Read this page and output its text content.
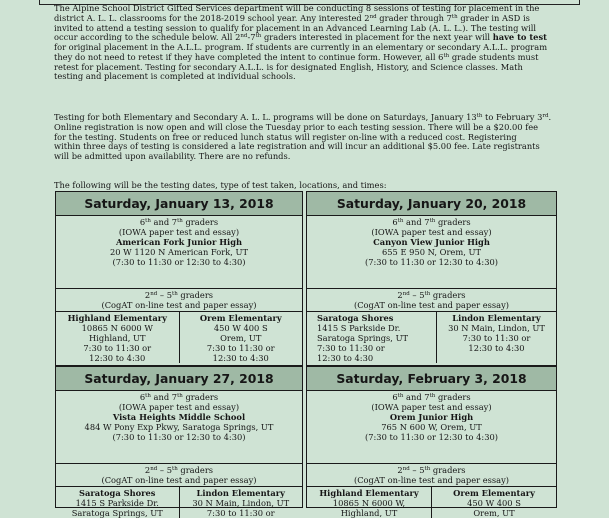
The Alpine School District Gifted Services department will be conducting 8 sessions of testing for placement in the
district A. L. L. classrooms for the 2018-2019 school year. Any interested 2nd grader through 7th grader in ASD is
invited to attend a testing session to qualify for placement in an Advanced Learning Lab (A. L. L.). The testing will
occur according to the schedule below. All 2nd-7th graders interested in placement for the next year will have to test
for original placement in the A.L.L. program. If students are currently in an elementary or secondary A.L.L. program
they do not need to retest if they have completed the intent to continue form. However, all 6th grade students must
retest for placement. Testing for secondary A.L.L. is for designated English, History, and Science classes. Math
testing and placement is completed at individual schools.

Testing for both Elementary and Secondary A. L. L. programs will be done on Saturdays, January 13th to February 3rd.
Online registration is now open and will close the Tuesday prior to each testing session. There will be a $20.00 fee
for the testing. Students on free or reduced lunch status will register on-line with a reduced cost. Registering
within three days of testing is considered a late registration and will incur an additional $5.00 fee. Late registrants
will be admitted upon availability. There are no refunds.

The following will be the testing dates, type of test taken, locations, and times:

Saturday, January 13, 2018
6th and 7th graders
(IOWA paper test and essay)
American Fork Junior High
20 W 1120 N American Fork, UT
(7:30 to 11:30 or 12:30 to 4:30)
2nd – 5th graders
(CogAT on-line test and paper essay)
Highland Elementary
10865 N 6000 W
Highland, UT
7:30 to 11:30 or
12:30 to 4:30
Orem Elementary
450 W 400 S
Orem, UT
7:30 to 11:30 or
12:30 to 4:30
Saturday, January 20, 2018
6th and 7th graders
(IOWA paper test and essay)
Canyon View Junior High
655 E 950 N, Orem, UT
(7:30 to 11:30 or 12:30 to 4:30)
2nd – 5th graders
(CogAT on-line test and paper essay)
Saratoga Shores
1415 S Parkside Dr.
Saratoga Springs, UT
7:30 to 11:30 or
12:30 to 4:30
Lindon Elementary
30 N Main, Lindon, UT
7:30 to 11:30 or
12:30 to 4:30
Saturday, January 27, 2018
6th and 7th graders
(IOWA paper test and essay)
Vista Heights Middle School
484 W Pony Exp Pkwy, Saratoga Springs, UT
(7:30 to 11:30 or 12:30 to 4:30)
2nd – 5th graders
(CogAT on-line test and paper essay)
Saratoga Shores
1415 S Parkside Dr.
Saratoga Springs, UT
Lindon Elementary
30 N Main, Lindon, UT
7:30 to 11:30 or
Saturday, February 3, 2018
6th and 7th graders
(IOWA paper test and essay)
Orem Junior High
765 N 600 W, Orem, UT
(7:30 to 11:30 or 12:30 to 4:30)
2nd – 5th graders
(CogAT on-line test and paper essay)
Highland Elementary
10865 N 6000 W,
Highland, UT
Orem Elementary
450 W 400 S
Orem, UT
